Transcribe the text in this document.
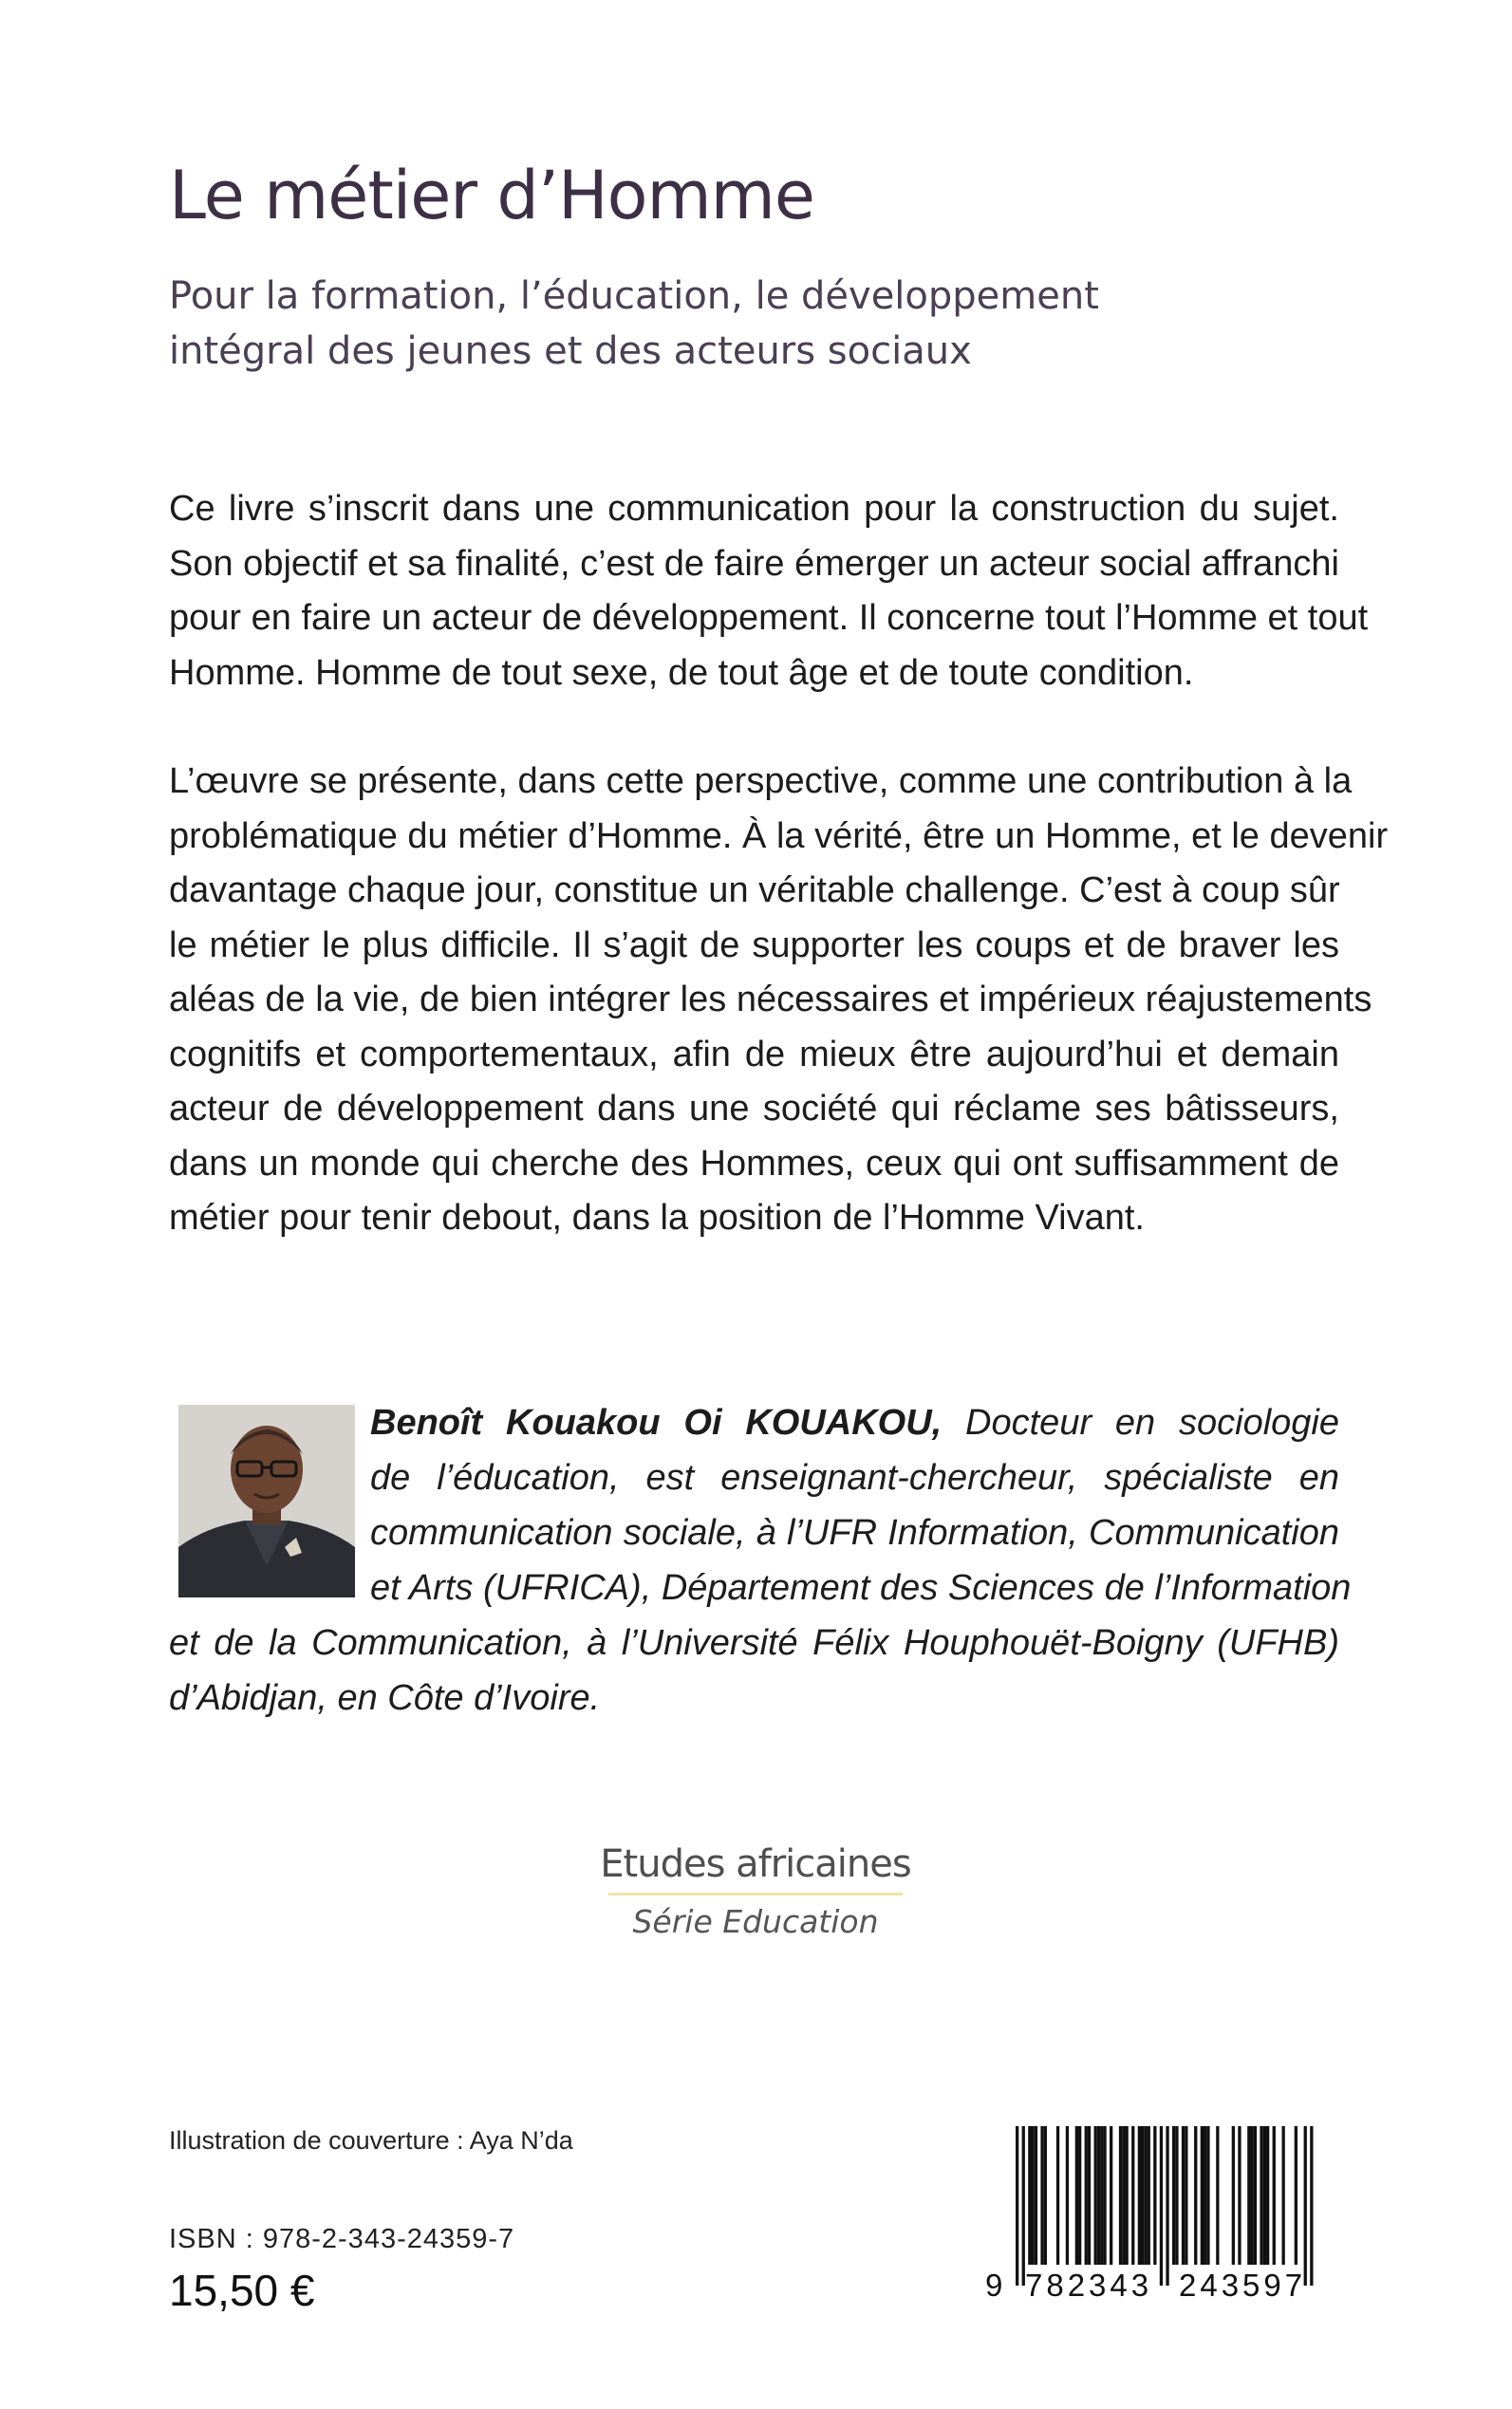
Le métier d’Homme
Pour la formation, l’éducation, le développement
intégral des jeunes et des acteurs sociaux
Ce livre s’inscrit dans une communication pour la construction du sujet.
Son objectif et sa finalité, c’est de faire émerger un acteur social affranchi
pour en faire un acteur de développement. Il concerne tout l’Homme et tout
Homme. Homme de tout sexe, de tout âge et de toute condition.
L’œuvre se présente, dans cette perspective, comme une contribution à la
problématique du métier d’Homme. À la vérité, être un Homme, et le devenir
davantage chaque jour, constitue un véritable challenge. C’est à coup sûr
le métier le plus difficile. Il s’agit de supporter les coups et de braver les
aléas de la vie, de bien intégrer les nécessaires et impérieux réajustements
cognitifs et comportementaux, afin de mieux être aujourd’hui et demain
acteur de développement dans une société qui réclame ses bâtisseurs,
dans un monde qui cherche des Hommes, ceux qui ont suffisamment de
métier pour tenir debout, dans la position de l’Homme Vivant.
Benoît Kouakou Oi KOUAKOU, Docteur en sociologie
de l’éducation, est enseignant-chercheur, spécialiste en
communication sociale, à l’UFR Information, Communication
et Arts (UFRICA), Département des Sciences de l’Information
et de la Communication, à l’Université Félix Houphouët-Boigny (UFHB)
d’Abidjan, en Côte d’Ivoire.
Etudes africaines
Série Education
Illustration de couverture : Aya N’da
ISBN : 978-2-343-24359-7
15,50 €	9 782343 243597
